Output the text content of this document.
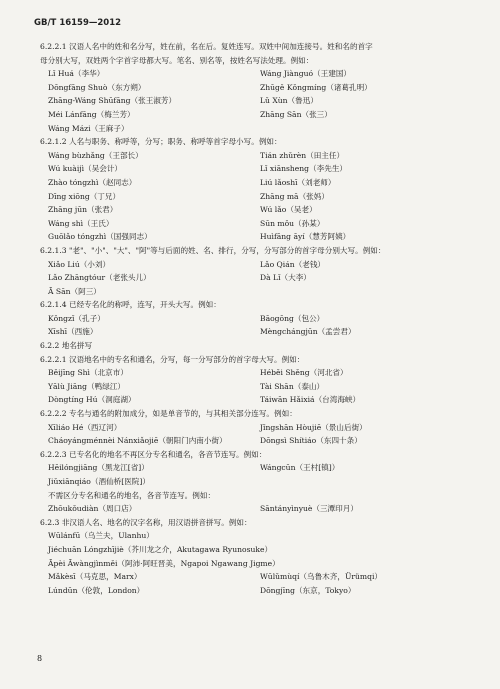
GB/T 16159—2012
6.2.2.1 汉语人名中的姓和名分写，姓在前，名在后。复姓连写。双姓中间加连接号。姓和名的首字
母分别大写，双姓两个字首字母都大写。笔名、别名等，按姓名写法处理。例如：
Lǐ Huá（李华）	Wáng Jiànguó（王建国）
Dōngfāng Shuò（东方朔）	Zhūgě Kǒngmíng（诸葛孔明）
Zhāng-Wáng Shūfāng（张王淑芳）	Lǔ Xùn（鲁迅）
Méi Lánfāng（梅兰芳）	Zhāng Sān（张三）
Wáng Mázi（王麻子）
6.2.1.2 人名与职务、称呼等，分写；职务、称呼等首字母小写。例如：
Wáng bùzhǎng（王部长）	Tián zhǔrèn（田主任）
Wú kuàijì（吴会计）	Lǐ xiānsheng（李先生）
Zhào tóngzhì（赵同志）	Liú lǎoshī（刘老师）
Dīng xiōng（丁兄）	Zhāng mā（张妈）
Zhāng jūn（张君）	Wú lǎo（吴老）
Wáng shì（王氏）	Sūn mǒu（孙某）
Guōlǎo tóngzhì（国强同志）	Huìfāng āyí（慧芳阿姨）
6.2.1.3 "老"、"小"、"大"、"阿"等与后面的姓、名、排行，分写，分写部分的首字母分别大写。例如：
Xiǎo Liú（小刘）	Lǎo Qián（老钱）
Lǎo Zhāngtóur（老张头儿）	Dà Lǐ（大李）
Ā Sān（阿三）
6.2.1.4 已经专名化的称呼，连写，开头大写。例如：
Kǒngzǐ（孔子）	Bāogōng（包公）
Xīshī（西施）	Mèngchángjūn（孟尝君）
6.2.2 地名拼写
6.2.2.1 汉语地名中的专名和通名，分写，每一分写部分的首字母大写。例如：
Běijīng Shì（北京市）	Héběi Shěng（河北省）
Yālù Jiāng（鸭绿江）	Tài Shān（泰山）
Dòngtíng Hú（洞庭湖）	Táiwān Hǎixiá（台湾海峡）
6.2.2.2 专名与通名的附加成分，如是单音节的，与其相关部分连写。例如：
Xīliáo Hé（西辽河）	Jǐngshān Hòujiē（景山后街）
Cháoyángménnèi Nánxiǎojiē（朝阳门内南小街）	Dōngsì Shítiáo（东四十条）
6.2.2.3 已专名化的地名不再区分专名和通名，各音节连写。例如：
Hēilóngjiāng（黑龙江[省]）	Wángcūn（王村[镇]）
Jiǔxiānqiáo（酒仙桥[医院]）
不需区分专名和通名的地名，各音节连写。例如：
Zhōukǒudiàn（周口店）	Sāntányìnyuè（三潭印月）
6.2.3 非汉语人名、地名的汉字名称，用汉语拼音拼写。例如：
Wūlánfū（乌兰夫，Ulanhu）
Jiéchuān Lóngzhījiè（芥川龙之介，Akutagawa Ryunosuke）
Āpèi Āwàngjìnměi（阿沛·阿旺晋美，Ngapoi Ngawang Jigme）
Mǎkèsī（马克思，Marx）	Wūlǔmùqí（乌鲁木齐，Ürümqi）
Lúndūn（伦敦，London）	Dōngjīng（东京，Tokyo）
8
